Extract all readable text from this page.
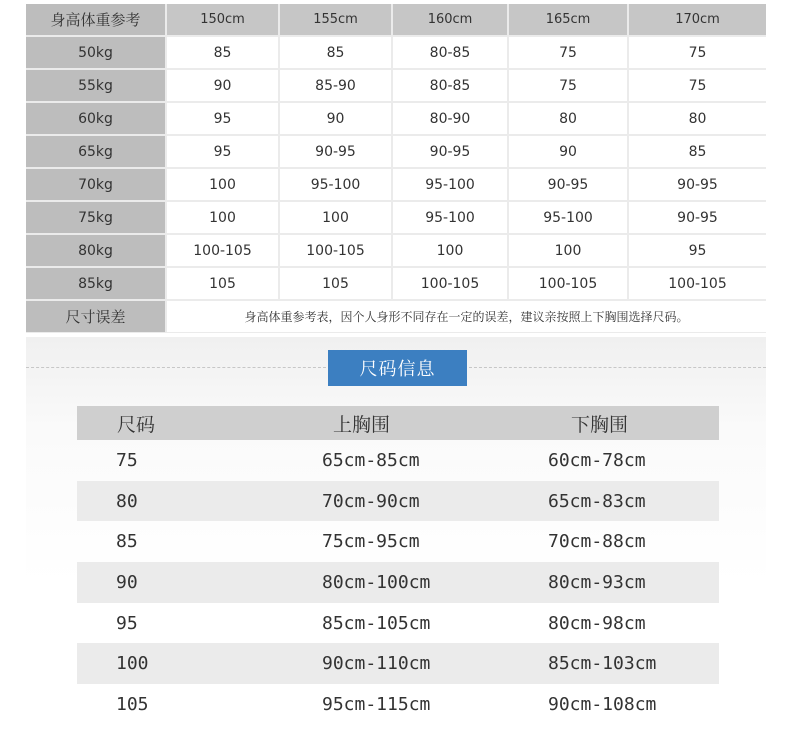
身高体重参考	150cm	155cm	160cm	165cm	170cm
50kg	85	85	80-85	75	75
55kg	90	85-90	80-85	75	75
60kg	95	90	80-90	80	80
65kg	95	90-95	90-95	90	85
70kg	100	95-100	95-100	90-95	90-95
75kg	100	100	95-100	95-100	90-95
80kg	100-105	100-105	100	100	95
85kg	105	105	100-105	100-105	100-105
尺寸误差	身高体重参考表，因个人身形不同存在一定的误差，建议亲按照上下胸围选择尺码。
尺码信息
尺码	上胸围	下胸围
75	65cm-85cm	60cm-78cm
80	70cm-90cm	65cm-83cm
85	75cm-95cm	70cm-88cm
90	80cm-100cm	80cm-93cm
95	85cm-105cm	80cm-98cm
100	90cm-110cm	85cm-103cm
105	95cm-115cm	90cm-108cm
